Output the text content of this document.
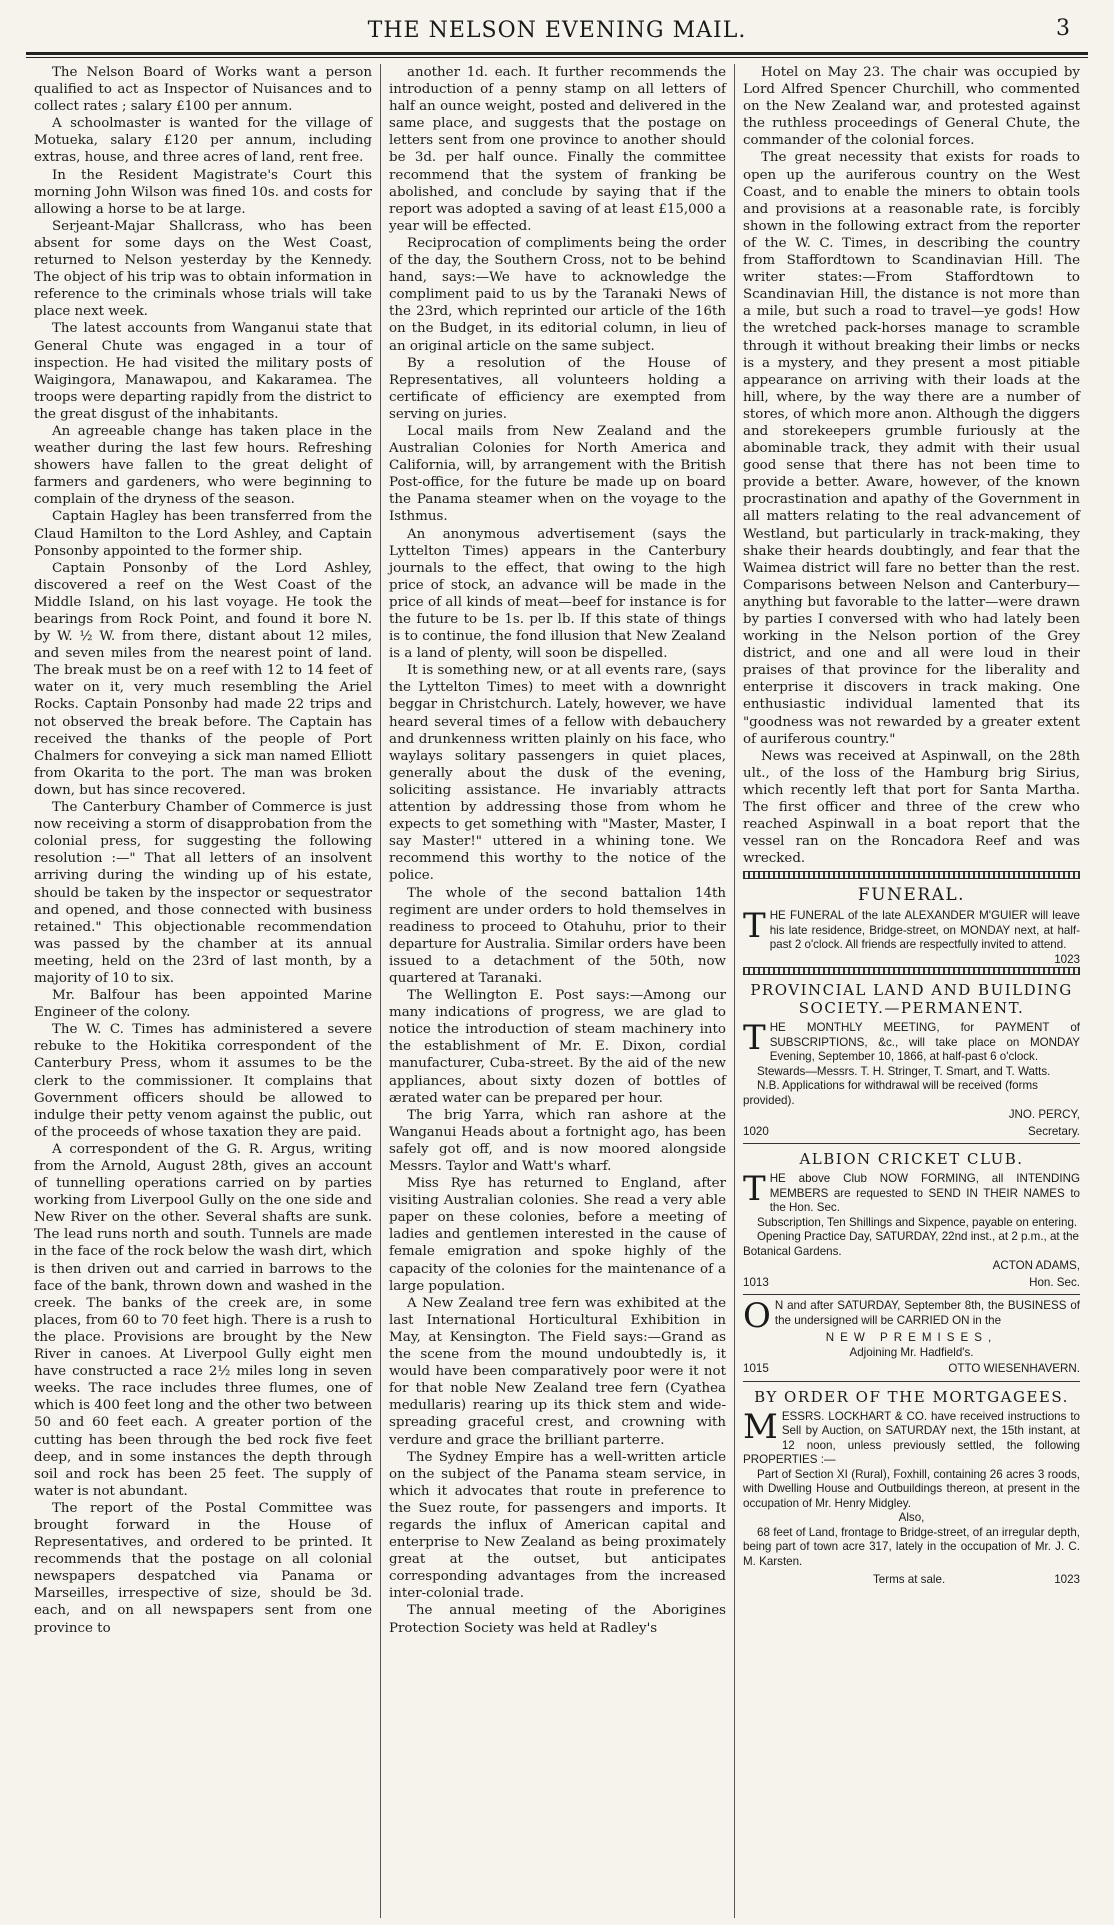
THE NELSON EVENING MAIL.	3

The Nelson Board of Works want a person qualified to act as Inspector of Nuisances and to collect rates ; salary £100 per annum.

A schoolmaster is wanted for the village of Motueka, salary £120 per annum, including extras, house, and three acres of land, rent free.

In the Resident Magistrate's Court this morning John Wilson was fined 10s. and costs for allowing a horse to be at large.

Serjeant-Majar Shallcrass, who has been absent for some days on the West Coast, returned to Nelson yesterday by the Kennedy. The object of his trip was to obtain information in reference to the criminals whose trials will take place next week.

The latest accounts from Wanganui state that General Chute was engaged in a tour of inspection. He had visited the military posts of Waigingora, Manawapou, and Kakaramea. The troops were departing rapidly from the district to the great disgust of the inhabitants.

An agreeable change has taken place in the weather during the last few hours. Refreshing showers have fallen to the great delight of farmers and gardeners, who were beginning to complain of the dryness of the season.

Captain Hagley has been transferred from the Claud Hamilton to the Lord Ashley, and Captain Ponsonby appointed to the former ship.

Captain Ponsonby of the Lord Ashley, discovered a reef on the West Coast of the Middle Island, on his last voyage. He took the bearings from Rock Point, and found it bore N. by W. ½ W. from there, distant about 12 miles, and seven miles from the nearest point of land. The break must be on a reef with 12 to 14 feet of water on it, very much resembling the Ariel Rocks. Captain Ponsonby had made 22 trips and not observed the break before. The Captain has received the thanks of the people of Port Chalmers for conveying a sick man named Elliott from Okarita to the port. The man was broken down, but has since recovered.

The Canterbury Chamber of Commerce is just now receiving a storm of disapprobation from the colonial press, for suggesting the following resolution :—" That all letters of an insolvent arriving during the winding up of his estate, should be taken by the inspector or sequestrator and opened, and those connected with business retained." This objectionable recommendation was passed by the chamber at its annual meeting, held on the 23rd of last month, by a majority of 10 to six.

Mr. Balfour has been appointed Marine Engineer of the colony.

The W. C. Times has administered a severe rebuke to the Hokitika correspondent of the Canterbury Press, whom it assumes to be the clerk to the commissioner. It complains that Government officers should be allowed to indulge their petty venom against the public, out of the proceeds of whose taxation they are paid.

A correspondent of the G. R. Argus, writing from the Arnold, August 28th, gives an account of tunnelling operations carried on by parties working from Liverpool Gully on the one side and New River on the other. Several shafts are sunk. The lead runs north and south. Tunnels are made in the face of the rock below the wash dirt, which is then driven out and carried in barrows to the face of the bank, thrown down and washed in the creek. The banks of the creek are, in some places, from 60 to 70 feet high. There is a rush to the place. Provisions are brought by the New River in canoes. At Liverpool Gully eight men have constructed a race 2½ miles long in seven weeks. The race includes three flumes, one of which is 400 feet long and the other two between 50 and 60 feet each. A greater portion of the cutting has been through the bed rock five feet deep, and in some instances the depth through soil and rock has been 25 feet. The supply of water is not abundant.

The report of the Postal Committee was brought forward in the House of Representatives, and ordered to be printed. It recommends that the postage on all colonial newspapers despatched via Panama or Marseilles, irrespective of size, should be 3d. each, and on all newspapers sent from one province to

another 1d. each. It further recommends the introduction of a penny stamp on all letters of half an ounce weight, posted and delivered in the same place, and suggests that the postage on letters sent from one province to another should be 3d. per half ounce. Finally the committee recommend that the system of franking be abolished, and conclude by saying that if the report was adopted a saving of at least £15,000 a year will be effected.

Reciprocation of compliments being the order of the day, the Southern Cross, not to be behind hand, says:—We have to acknowledge the compliment paid to us by the Taranaki News of the 23rd, which reprinted our article of the 16th on the Budget, in its editorial column, in lieu of an original article on the same subject.

By a resolution of the House of Representatives, all volunteers holding a certificate of efficiency are exempted from serving on juries.

Local mails from New Zealand and the Australian Colonies for North America and California, will, by arrangement with the British Post-office, for the future be made up on board the Panama steamer when on the voyage to the Isthmus.

An anonymous advertisement (says the Lyttelton Times) appears in the Canterbury journals to the effect, that owing to the high price of stock, an advance will be made in the price of all kinds of meat—beef for instance is for the future to be 1s. per lb. If this state of things is to continue, the fond illusion that New Zealand is a land of plenty, will soon be dispelled.

It is something new, or at all events rare, (says the Lyttelton Times) to meet with a downright beggar in Christchurch. Lately, however, we have heard several times of a fellow with debauchery and drunkenness written plainly on his face, who waylays solitary passengers in quiet places, generally about the dusk of the evening, soliciting assistance. He invariably attracts attention by addressing those from whom he expects to get something with "Master, Master, I say Master!" uttered in a whining tone. We recommend this worthy to the notice of the police.

The whole of the second battalion 14th regiment are under orders to hold themselves in readiness to proceed to Otahuhu, prior to their departure for Australia. Similar orders have been issued to a detachment of the 50th, now quartered at Taranaki.

The Wellington E. Post says:—Among our many indications of progress, we are glad to notice the introduction of steam machinery into the establishment of Mr. E. Dixon, cordial manufacturer, Cuba-street. By the aid of the new appliances, about sixty dozen of bottles of ærated water can be prepared per hour.

The brig Yarra, which ran ashore at the Wanganui Heads about a fortnight ago, has been safely got off, and is now moored alongside Messrs. Taylor and Watt's wharf.

Miss Rye has returned to England, after visiting Australian colonies. She read a very able paper on these colonies, before a meeting of ladies and gentlemen interested in the cause of female emigration and spoke highly of the capacity of the colonies for the maintenance of a large population.

A New Zealand tree fern was exhibited at the last International Horticultural Exhibition in May, at Kensington. The Field says:—Grand as the scene from the mound undoubtedly is, it would have been comparatively poor were it not for that noble New Zealand tree fern (Cyathea medullaris) rearing up its thick stem and wide-spreading graceful crest, and crowning with verdure and grace the brilliant parterre.

The Sydney Empire has a well-written article on the subject of the Panama steam service, in which it advocates that route in preference to the Suez route, for passengers and imports. It regards the influx of American capital and enterprise to New Zealand as being proximately great at the outset, but anticipates corresponding advantages from the increased inter-colonial trade.

The annual meeting of the Aborigines Protection Society was held at Radley's

Hotel on May 23. The chair was occupied by Lord Alfred Spencer Churchill, who commented on the New Zealand war, and protested against the ruthless proceedings of General Chute, the commander of the colonial forces.

The great necessity that exists for roads to open up the auriferous country on the West Coast, and to enable the miners to obtain tools and provisions at a reasonable rate, is forcibly shown in the following extract from the reporter of the W. C. Times, in describing the country from Staffordtown to Scandinavian Hill. The writer states:—From Staffordtown to Scandinavian Hill, the distance is not more than a mile, but such a road to travel—ye gods! How the wretched pack-horses manage to scramble through it without breaking their limbs or necks is a mystery, and they present a most pitiable appearance on arriving with their loads at the hill, where, by the way there are a number of stores, of which more anon. Although the diggers and storekeepers grumble furiously at the abominable track, they admit with their usual good sense that there has not been time to provide a better. Aware, however, of the known procrastination and apathy of the Government in all matters relating to the real advancement of Westland, but particularly in track-making, they shake their heards doubtingly, and fear that the Waimea district will fare no better than the rest. Comparisons between Nelson and Canterbury—anything but favorable to the latter—were drawn by parties I conversed with who had lately been working in the Nelson portion of the Grey district, and one and all were loud in their praises of that province for the liberality and enterprise it discovers in track making. One enthusiastic individual lamented that its "goodness was not rewarded by a greater extent of auriferous country."

News was received at Aspinwall, on the 28th ult., of the loss of the Hamburg brig Sirius, which recently left that port for Santa Martha. The first officer and three of the crew who reached Aspinwall in a boat report that the vessel ran on the Roncadora Reef and was wrecked.

FUNERAL.
THE FUNERAL of the late ALEXANDER M'GUIER will leave his late residence, Bridge-street, on MONDAY next, at half-past 2 o'clock. All friends are respectfully invited to attend.
1023
PROVINCIAL LAND AND BUILDING SOCIETY.—PERMANENT.
THE MONTHLY MEETING, for PAYMENT of SUBSCRIPTIONS, &c., will take place on MONDAY Evening, September 10, 1866, at half-past 6 o'clock.
Stewards—Messrs. T. H. Stringer, T. Smart, and T. Watts.
N.B. Applications for withdrawal will be received (forms provided).
JNO. PERCY,
1020	Secretary.
ALBION CRICKET CLUB.
THE above Club NOW FORMING, all INTENDING MEMBERS are requested to SEND IN THEIR NAMES to the Hon. Sec.
Subscription, Ten Shillings and Sixpence, payable on entering.
Opening Practice Day, SATURDAY, 22nd inst., at 2 p.m., at the Botanical Gardens.
ACTON ADAMS,
1013	Hon. Sec.
O N and after SATURDAY, September 8th, the BUSINESS of the undersigned will be CARRIED ON in the
NEW PREMISES,
Adjoining Mr. Hadfield's.
1015	OTTO WIESENHAVERN.
BY ORDER OF THE MORTGAGEES.
MESSRS. LOCKHART & CO. have received instructions to Sell by Auction, on SATURDAY next, the 15th instant, at 12 noon, unless previously settled, the following PROPERTIES :—
Part of Section XI (Rural), Foxhill, containing 26 acres 3 roods, with Dwelling House and Outbuildings thereon, at present in the occupation of Mr. Henry Midgley.
Also,
68 feet of Land, frontage to Bridge-street, of an irregular depth, being part of town acre 317, lately in the occupation of Mr. J. C. M. Karsten.
Terms at sale.	1023
